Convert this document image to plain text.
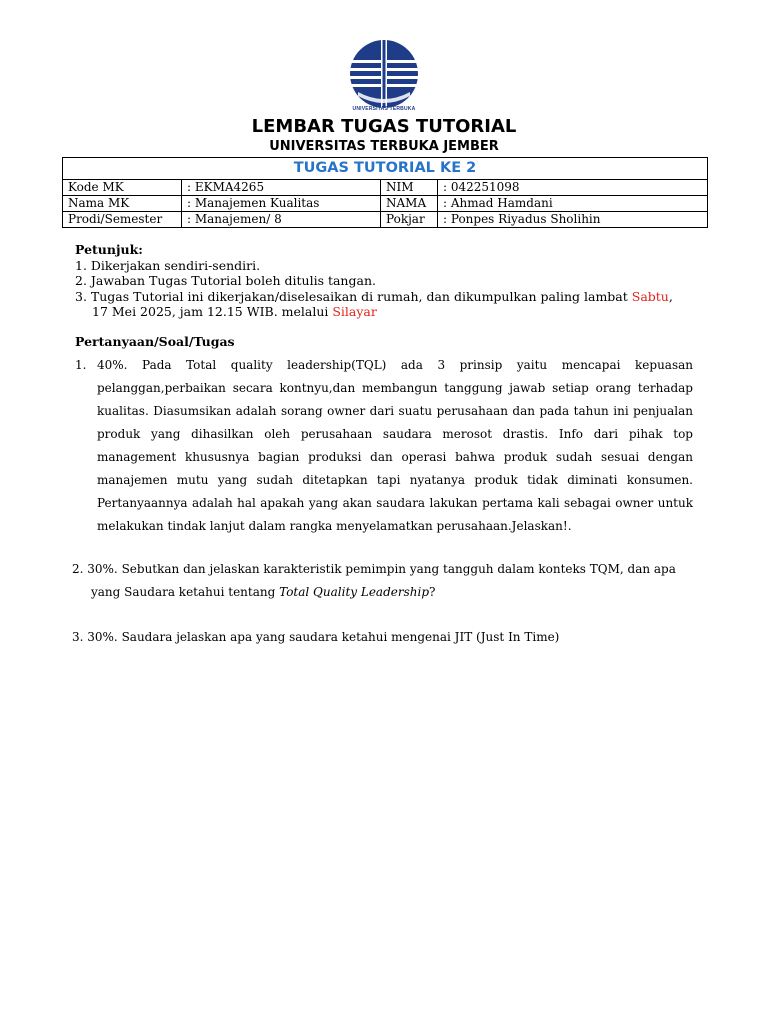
UNIVERSITAS TERBUKA
LEMBAR TUGAS TUTORIAL
UNIVERSITAS TERBUKA JEMBER
TUGAS TUTORIAL KE 2			
Kode MK	: EKMA4265	NIM	: 042251098
Nama MK	: Manajemen Kualitas	NAMA	: Ahmad Hamdani
Prodi/Semester	: Manajemen/ 8	Pokjar	: Ponpes Riyadus Sholihin
Petunjuk:
1. Dikerjakan sendiri-sendiri.
2. Jawaban Tugas Tutorial boleh ditulis tangan.
3. Tugas Tutorial ini dikerjakan/diselesaikan di rumah, dan dikumpulkan paling lambat Sabtu,
17 Mei 2025, jam 12.15 WIB. melalui Silayar
Pertanyaan/Soal/Tugas
1. 40%. Pada Total quality leadership(TQL) ada 3 prinsip yaitu mencapai kepuasan pelanggan,perbaikan secara kontnyu,dan membangun tanggung jawab setiap orang terhadap kualitas. Diasumsikan adalah sorang owner dari suatu perusahaan dan pada tahun ini penjualan produk yang dihasilkan oleh perusahaan saudara merosot drastis. Info dari pihak top management khususnya bagian produksi dan operasi bahwa produk sudah sesuai dengan manajemen mutu yang sudah ditetapkan tapi nyatanya produk tidak diminati konsumen. Pertanyaannya adalah hal apakah yang akan saudara lakukan pertama kali sebagai owner untuk melakukan tindak lanjut dalam rangka menyelamatkan perusahaan.Jelaskan!.
2. 30%. Sebutkan dan jelaskan karakteristik pemimpin yang tangguh dalam konteks TQM, dan apa
yang Saudara ketahui tentang Total Quality Leadership?
3. 30%. Saudara jelaskan apa yang saudara ketahui mengenai JIT (Just In Time)
